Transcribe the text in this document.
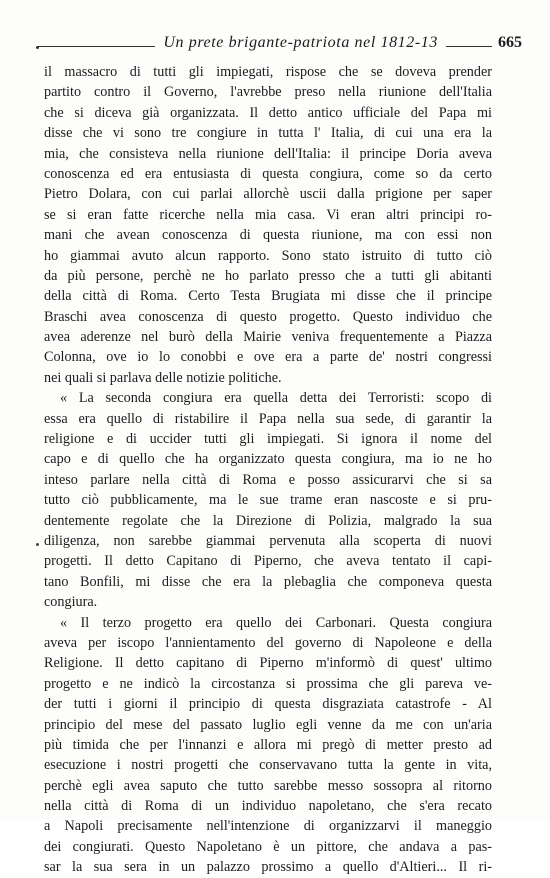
Un prete brigante-patriota nel 1812-13	665
il massacro di tutti gli impiegati, rispose che se doveva prender
partito contro il Governo, l'avrebbe preso nella riunione dell'Italia
che si diceva già organizzata. Il detto antico ufficiale del Papa mi
disse che vi sono tre congiure in tutta l' Italia, di cui una era la
mia, che consisteva nella riunione dell'Italia: il principe Doria aveva
conoscenza ed era entusiasta di questa congiura, come so da certo
Pietro Dolara, con cui parlai allorchè uscii dalla prigione per saper
se si eran fatte ricerche nella mia casa. Vi eran altri principi ro-
mani che avean conoscenza di questa riunione, ma con essi non
ho giammai avuto alcun rapporto. Sono stato istruito di tutto ciò
da più persone, perchè ne ho parlato presso che a tutti gli abitanti
della città di Roma. Certo Testa Brugiata mi disse che il principe
Braschi avea conoscenza di questo progetto. Questo individuo che
avea aderenze nel burò della Mairie veniva frequentemente a Piazza
Colonna, ove io lo conobbi e ove era a parte de' nostri congressi
nei quali si parlava delle notizie politiche.
« La seconda congiura era quella detta dei Terroristi: scopo di
essa era quello di ristabilire il Papa nella sua sede, di garantir la
religione e di uccider tutti gli impiegati. Si ignora il nome del
capo e di quello che ha organizzato questa congiura, ma io ne ho
inteso parlare nella città di Roma e posso assicurarvi che si sa
tutto ciò pubblicamente, ma le sue trame eran nascoste e si pru-
dentemente regolate che la Direzione di Polizia, malgrado la sua
diligenza, non sarebbe giammai pervenuta alla scoperta di nuovi
progetti. Il detto Capitano di Piperno, che aveva tentato il capi-
tano Bonfili, mi disse che era la plebaglia che componeva questa
congiura.
« Il terzo progetto era quello dei Carbonari. Questa congiura
aveva per iscopo l'annientamento del governo di Napoleone e della
Religione. Il detto capitano di Piperno m'informò di quest' ultimo
progetto e ne indicò la circostanza si prossima che gli pareva ve-
der tutti i giorni il principio di questa disgraziata catastrofe - Al
principio del mese del passato luglio egli venne da me con un'aria
più timida che per l'innanzi e allora mi pregò di metter presto ad
esecuzione i nostri progetti che conservavano tutta la gente in vita,
perchè egli avea saputo che tutto sarebbe messo sossopra al ritorno
nella città di Roma di un individuo napoletano, che s'era recato
a Napoli precisamente nell'intenzione di organizzarvi il maneggio
dei congiurati. Questo Napoletano è un pittore, che andava a pas-
sar la sua sera in un palazzo prossimo a quello d'Altieri... Il ri-
